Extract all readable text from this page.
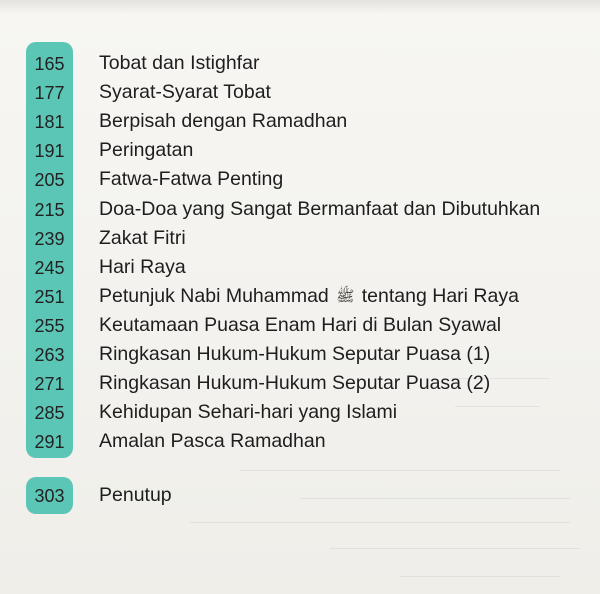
165	Tobat dan Istighfar
177	Syarat-Syarat Tobat
181	Berpisah dengan Ramadhan
191	Peringatan
205	Fatwa-Fatwa Penting
215	Doa-Doa yang Sangat Bermanfaat dan Dibutuhkan
239	Zakat Fitri
245	Hari Raya
251	Petunjuk Nabi Muhammad ﷺ tentang Hari Raya
255	Keutamaan Puasa Enam Hari di Bulan Syawal
263	Ringkasan Hukum-Hukum Seputar Puasa (1)
271	Ringkasan Hukum-Hukum Seputar Puasa (2)
285	Kehidupan Sehari-hari yang Islami
291	Amalan Pasca Ramadhan
303	Penutup
